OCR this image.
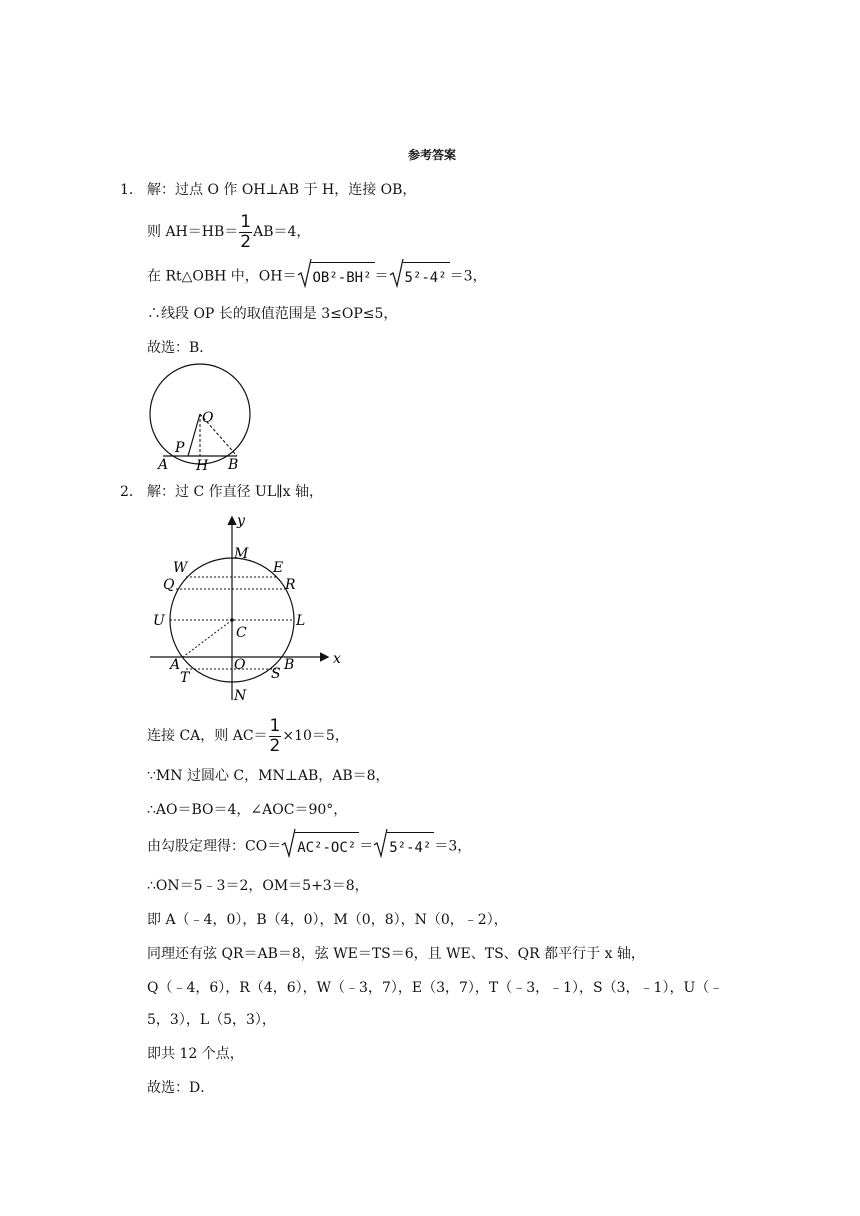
参考答案
1． 解：过点 O 作 OH⊥AB 于 H，连接 OB，
则 $AH=HB= \frac{1}{2} AB=4$，
在 Rt△OBH 中，OH＝ OB²-BH² ＝ 5²-4² ＝3，
∴线段 OP 长的取值范围是 3≤OP≤5，
故选：B．
O
P
A H B
2． 解：过 C 作直径 UL∥x 轴，
y
x
M
W	E
Q	R
U	L
C
A	O	B
T	S
N
连接 CA，则 $AC= \frac{1}{2} \times 10=5$，
∵MN 过圆心 C，MN⊥AB，AB＝8，
∴AO＝BO＝4，∠AOC＝90°，
由勾股定理得：CO＝ AC²-OC² ＝ 5²-4² ＝3，
∴ON＝5﹣3＝2，OM＝5+3＝8，
即 A（﹣4，0），B（4，0），M（0，8），N（0，﹣2），
同理还有弦 QR＝AB＝8，弦 WE＝TS＝6，且 WE、TS、QR 都平行于 x 轴，
Q（﹣4，6），R（4，6），W（﹣3，7），E（3，7），T（﹣3，﹣1），S（3，﹣1），U（﹣
5，3），L（5，3），
即共 12 个点，
故选：D．
